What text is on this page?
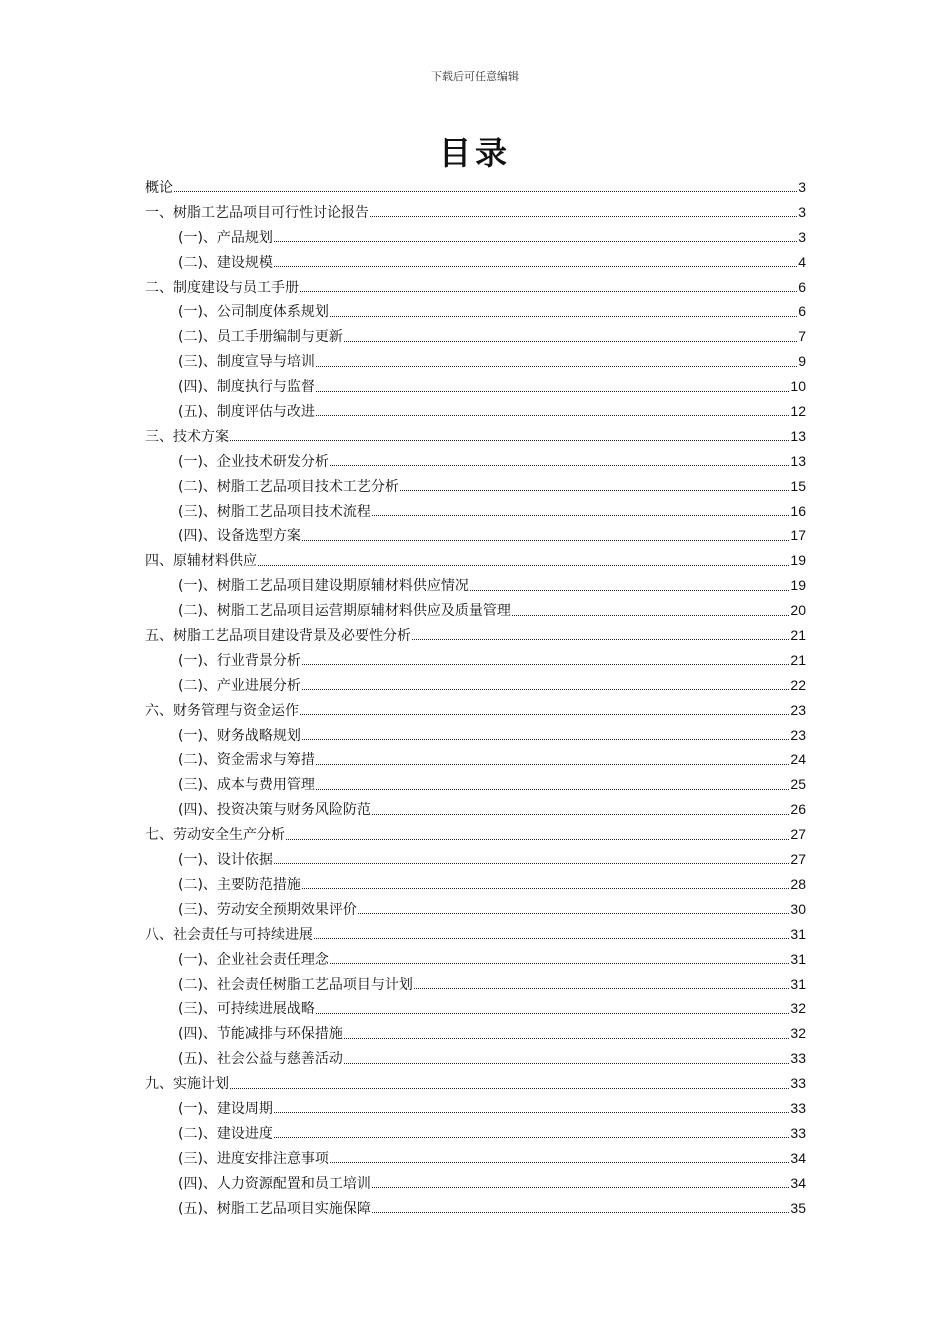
下载后可任意编辑
目录
概论	3
一、树脂工艺品项目可行性讨论报告	3
(一)、产品规划	3
(二)、建设规模	4
二、制度建设与员工手册	6
(一)、公司制度体系规划	6
(二)、员工手册编制与更新	7
(三)、制度宣导与培训	9
(四)、制度执行与监督	10
(五)、制度评估与改进	12
三、技术方案	13
(一)、企业技术研发分析	13
(二)、树脂工艺品项目技术工艺分析	15
(三)、树脂工艺品项目技术流程	16
(四)、设备选型方案	17
四、原辅材料供应	19
(一)、树脂工艺品项目建设期原辅材料供应情况	19
(二)、树脂工艺品项目运营期原辅材料供应及质量管理	20
五、树脂工艺品项目建设背景及必要性分析	21
(一)、行业背景分析	21
(二)、产业进展分析	22
六、财务管理与资金运作	23
(一)、财务战略规划	23
(二)、资金需求与筹措	24
(三)、成本与费用管理	25
(四)、投资决策与财务风险防范	26
七、劳动安全生产分析	27
(一)、设计依据	27
(二)、主要防范措施	28
(三)、劳动安全预期效果评价	30
八、社会责任与可持续进展	31
(一)、企业社会责任理念	31
(二)、社会责任树脂工艺品项目与计划	31
(三)、可持续进展战略	32
(四)、节能减排与环保措施	32
(五)、社会公益与慈善活动	33
九、实施计划	33
(一)、建设周期	33
(二)、建设进度	33
(三)、进度安排注意事项	34
(四)、人力资源配置和员工培训	34
(五)、树脂工艺品项目实施保障	35
